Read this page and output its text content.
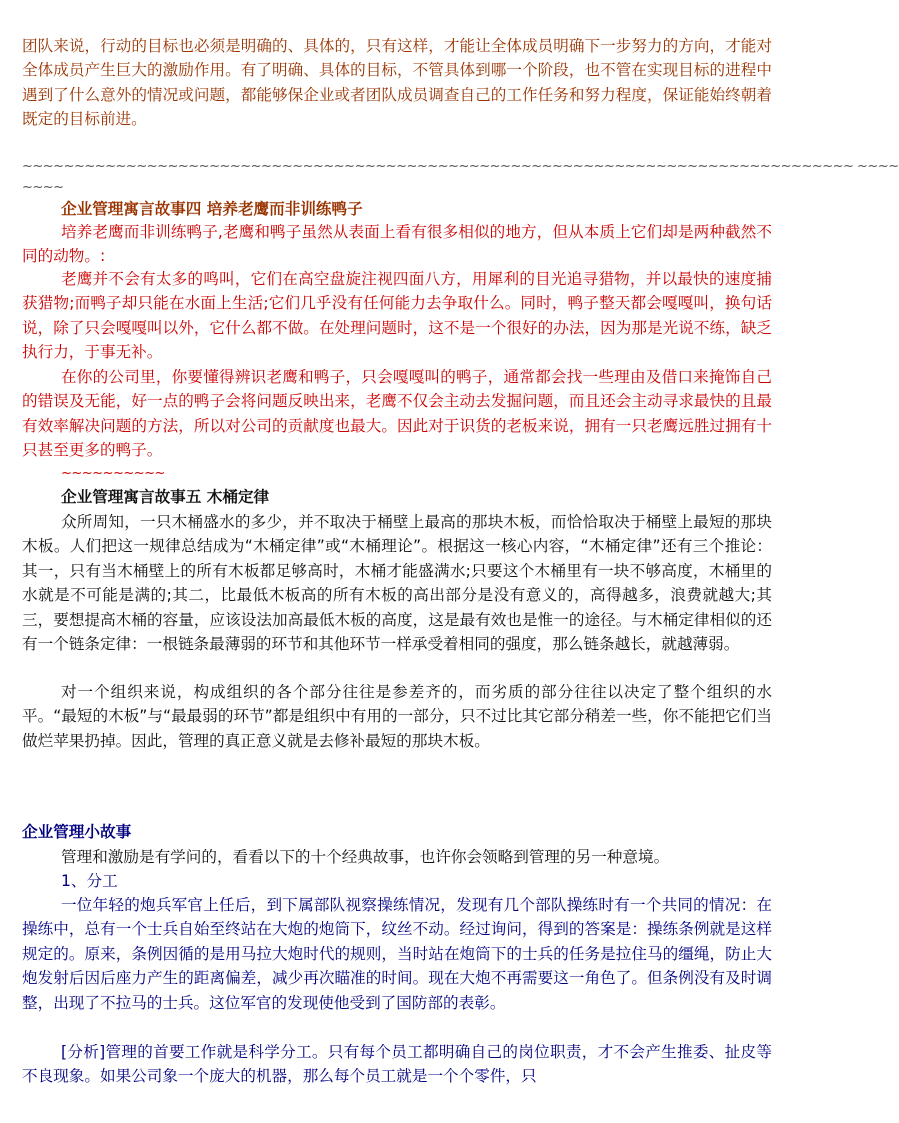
团队来说，行动的目标也必须是明确的、具体的，只有这样，才能让全体成员明确下一步努力的方向，才能对全体成员产生巨大的激励作用。有了明确、具体的目标，不管具体到哪一个阶段，也不管在实现目标的进程中遇到了什么意外的情况或问题，都能够保企业或者团队成员调查自己的工作任务和努力程度，保证能始终朝着既定的目标前进。

~~~~~~~~~~~~~~~~~~~~~~~~~~~~~~~~~~~~~~~~~~~~~~~~~~~~~~~~~~~~~~~~~~~~~~~~~~~~~~~~ ~~~~

~~~~

企业管理寓言故事四 培养老鹰而非训练鸭子

培养老鹰而非训练鸭子,老鹰和鸭子虽然从表面上看有很多相似的地方，但从本质上它们却是两种截然不同的动物。:

老鹰并不会有太多的鸣叫，它们在高空盘旋注视四面八方，用犀利的目光追寻猎物，并以最快的速度捕获猎物;而鸭子却只能在水面上生活;它们几乎没有任何能力去争取什么。同时，鸭子整天都会嘎嘎叫，换句话说，除了只会嘎嘎叫以外，它什么都不做。在处理问题时，这不是一个很好的办法，因为那是光说不练，缺乏执行力，于事无补。

在你的公司里，你要懂得辨识老鹰和鸭子，只会嘎嘎叫的鸭子，通常都会找一些理由及借口来掩饰自己的错误及无能，好一点的鸭子会将问题反映出来，老鹰不仅会主动去发掘问题，而且还会主动寻求最快的且最有效率解决问题的方法，所以对公司的贡献度也最大。因此对于识货的老板来说，拥有一只老鹰远胜过拥有十只甚至更多的鸭子。

~~~~~~~~~~

企业管理寓言故事五 木桶定律

众所周知，一只木桶盛水的多少，并不取决于桶壁上最高的那块木板，而恰恰取决于桶壁上最短的那块木板。人们把这一规律总结成为“木桶定律”或“木桶理论”。根据这一核心内容，“木桶定律”还有三个推论：其一，只有当木桶壁上的所有木板都足够高时，木桶才能盛满水;只要这个木桶里有一块不够高度，木桶里的水就是不可能是满的;其二，比最低木板高的所有木板的高出部分是没有意义的，高得越多，浪费就越大;其三，要想提高木桶的容量，应该设法加高最低木板的高度，这是最有效也是惟一的途径。与木桶定律相似的还有一个链条定律：一根链条最薄弱的环节和其他环节一样承受着相同的强度，那么链条越长，就越薄弱。

对一个组织来说，构成组织的各个部分往往是参差齐的，而劣质的部分往往以决定了整个组织的水平。“最短的木板”与“最最弱的环节”都是组织中有用的一部分，只不过比其它部分稍差一些，你不能把它们当做烂苹果扔掉。因此，管理的真正意义就是去修补最短的那块木板。

企业管理小故事

管理和激励是有学问的，看看以下的十个经典故事，也许你会领略到管理的另一种意境。

1、分工

一位年轻的炮兵军官上任后，到下属部队视察操练情况，发现有几个部队操练时有一个共同的情况：在操练中，总有一个士兵自始至终站在大炮的炮筒下，纹丝不动。经过询问，得到的答案是：操练条例就是这样规定的。原来，条例因循的是用马拉大炮时代的规则，当时站在炮筒下的士兵的任务是拉住马的缰绳，防止大炮发射后因后座力产生的距离偏差，减少再次瞄准的时间。现在大炮不再需要这一角色了。但条例没有及时调整，出现了不拉马的士兵。这位军官的发现使他受到了国防部的表彰。

[分析]管理的首要工作就是科学分工。只有每个员工都明确自己的岗位职责，才不会产生推委、扯皮等不良现象。如果公司象一个庞大的机器，那么每个员工就是一个个零件，只
